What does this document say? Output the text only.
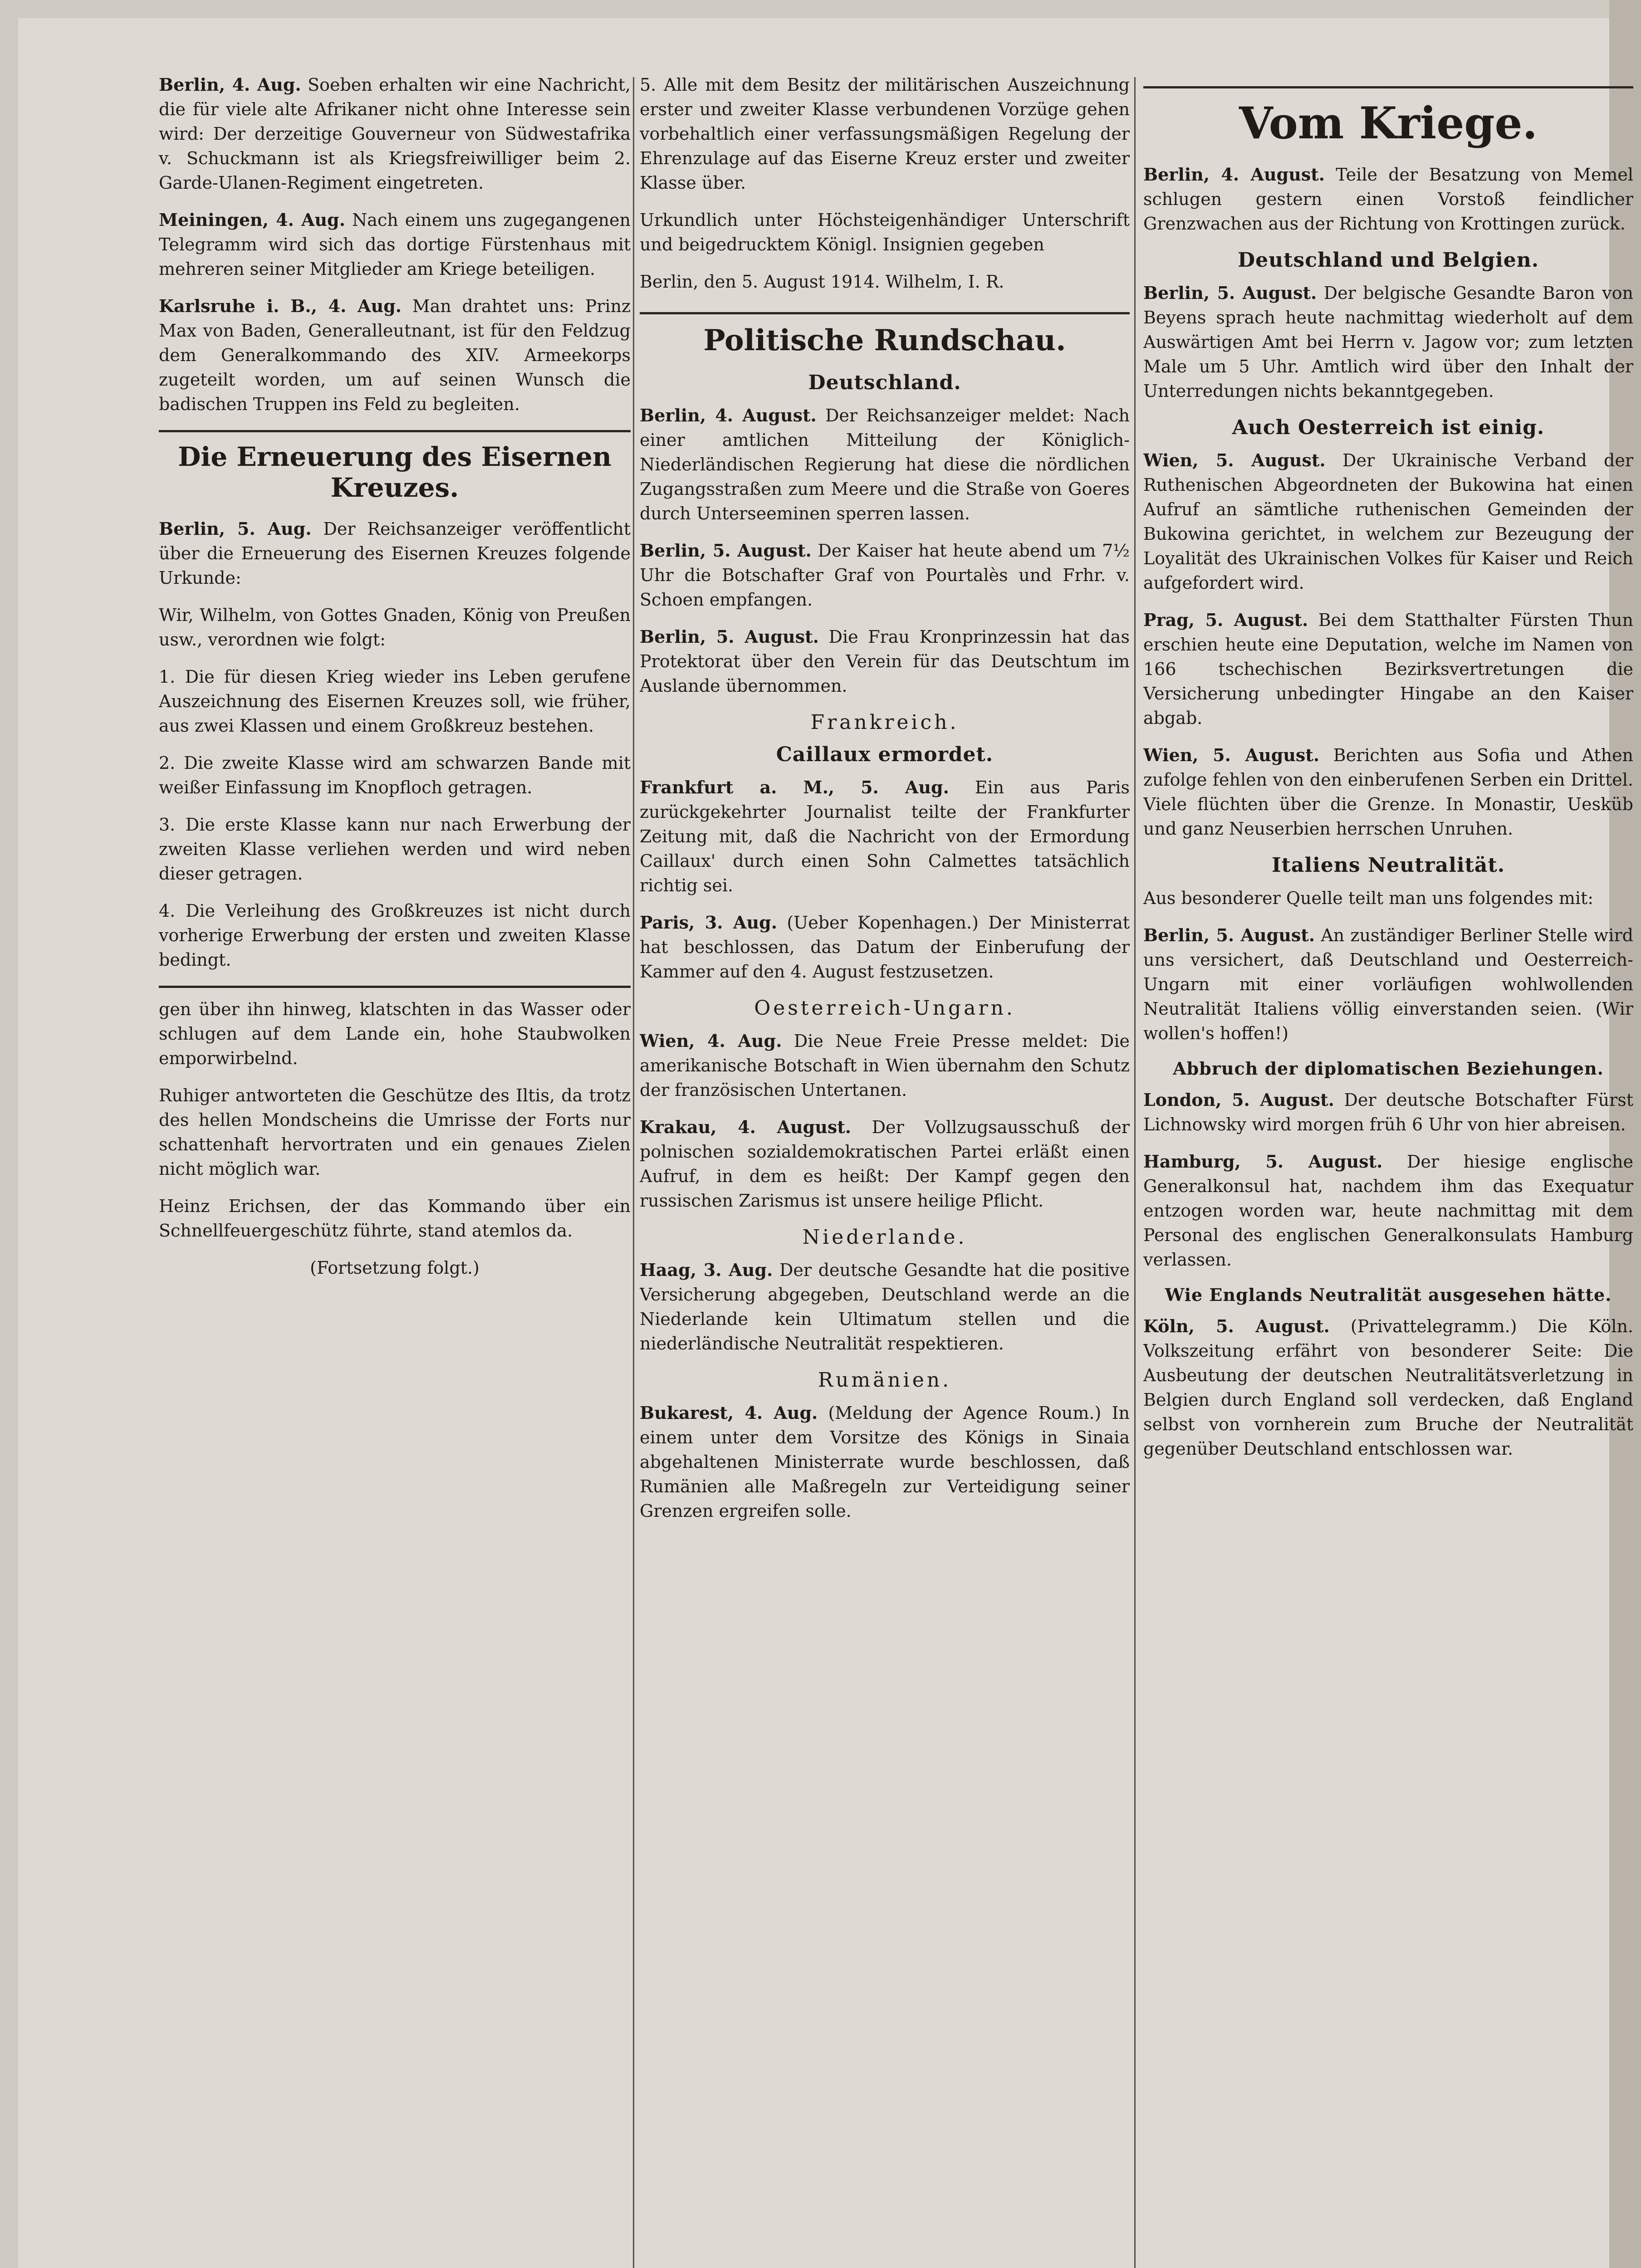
Berlin, 4. Aug. Soeben erhalten wir eine Nachricht, die für viele alte Afrikaner nicht ohne Interesse sein wird: Der derzeitige Gouverneur von Südwestafrika v. Schuckmann ist als Kriegsfreiwilliger beim 2. Garde-Ulanen-Regiment eingetreten.

Meiningen, 4. Aug. Nach einem uns zugegangenen Telegramm wird sich das dortige Fürstenhaus mit mehreren seiner Mitglieder am Kriege beteiligen.

Karlsruhe i. B., 4. Aug. Man drahtet uns: Prinz Max von Baden, Generalleutnant, ist für den Feldzug dem Generalkommando des XIV. Armeekorps zugeteilt worden, um auf seinen Wunsch die badischen Truppen ins Feld zu begleiten.

Die Erneuerung des Eisernen Kreuzes.

Berlin, 5. Aug. Der Reichsanzeiger veröffentlicht über die Erneuerung des Eisernen Kreuzes folgende Urkunde:

Wir, Wilhelm, von Gottes Gnaden, König von Preußen usw., verordnen wie folgt:

1. Die für diesen Krieg wieder ins Leben gerufene Auszeichnung des Eisernen Kreuzes soll, wie früher, aus zwei Klassen und einem Großkreuz bestehen.

2. Die zweite Klasse wird am schwarzen Bande mit weißer Einfassung im Knopfloch getragen.

3. Die erste Klasse kann nur nach Erwerbung der zweiten Klasse verliehen werden und wird neben dieser getragen.

4. Die Verleihung des Großkreuzes ist nicht durch vorherige Erwerbung der ersten und zweiten Klasse bedingt.

gen über ihn hinweg, klatschten in das Wasser oder schlugen auf dem Lande ein, hohe Staubwolken emporwirbelnd.

Ruhiger antworteten die Geschütze des Iltis, da trotz des hellen Mondscheins die Umrisse der Forts nur schattenhaft hervortraten und ein genaues Zielen nicht möglich war.

Heinz Erichsen, der das Kommando über ein Schnellfeuergeschütz führte, stand atemlos da.

(Fortsetzung folgt.)

5. Alle mit dem Besitz der militärischen Auszeichnung erster und zweiter Klasse verbundenen Vorzüge gehen vorbehaltlich einer verfassungsmäßigen Regelung der Ehrenzulage auf das Eiserne Kreuz erster und zweiter Klasse über.

Urkundlich unter Höchsteigenhändiger Unterschrift und beigedrucktem Königl. Insignien gegeben

Berlin, den 5. August 1914. Wilhelm, I. R.
Politische Rundschau.
Deutschland.

Berlin, 4. August. Der Reichsanzeiger meldet: Nach einer amtlichen Mitteilung der Königlich-Niederländischen Regierung hat diese die nördlichen Zugangsstraßen zum Meere und die Straße von Goeres durch Unterseeminen sperren lassen.

Berlin, 5. August. Der Kaiser hat heute abend um 7½ Uhr die Botschafter Graf von Pourtalès und Frhr. v. Schoen empfangen.

Berlin, 5. August. Die Frau Kronprinzessin hat das Protektorat über den Verein für das Deutschtum im Auslande übernommen.

Frankreich.
Caillaux ermordet.

Frankfurt a. M., 5. Aug. Ein aus Paris zurückgekehrter Journalist teilte der Frankfurter Zeitung mit, daß die Nachricht von der Ermordung Caillaux' durch einen Sohn Calmettes tatsächlich richtig sei.

Paris, 3. Aug. (Ueber Kopenhagen.) Der Ministerrat hat beschlossen, das Datum der Einberufung der Kammer auf den 4. August festzusetzen.

Oesterreich-Ungarn.

Wien, 4. Aug. Die Neue Freie Presse meldet: Die amerikanische Botschaft in Wien übernahm den Schutz der französischen Untertanen.

Krakau, 4. August. Der Vollzugsausschuß der polnischen sozialdemokratischen Partei erläßt einen Aufruf, in dem es heißt: Der Kampf gegen den russischen Zarismus ist unsere heilige Pflicht.

Niederlande.

Haag, 3. Aug. Der deutsche Gesandte hat die positive Versicherung abgegeben, Deutschland werde an die Niederlande kein Ultimatum stellen und die niederländische Neutralität respektieren.

Rumänien.

Bukarest, 4. Aug. (Meldung der Agence Roum.) In einem unter dem Vorsitze des Königs in Sinaia abgehaltenen Ministerrate wurde beschlossen, daß Rumänien alle Maßregeln zur Verteidigung seiner Grenzen ergreifen solle.

Vom Kriege.

Berlin, 4. August. Teile der Besatzung von Memel schlugen gestern einen Vorstoß feindlicher Grenzwachen aus der Richtung von Krottingen zurück.

Deutschland und Belgien.

Berlin, 5. August. Der belgische Gesandte Baron von Beyens sprach heute nachmittag wiederholt auf dem Auswärtigen Amt bei Herrn v. Jagow vor; zum letzten Male um 5 Uhr. Amtlich wird über den Inhalt der Unterredungen nichts bekanntgegeben.

Auch Oesterreich ist einig.

Wien, 5. August. Der Ukrainische Verband der Ruthenischen Abgeordneten der Bukowina hat einen Aufruf an sämtliche ruthenischen Gemeinden der Bukowina gerichtet, in welchem zur Bezeugung der Loyalität des Ukrainischen Volkes für Kaiser und Reich aufgefordert wird.

Prag, 5. August. Bei dem Statthalter Fürsten Thun erschien heute eine Deputation, welche im Namen von 166 tschechischen Bezirksvertretungen die Versicherung unbedingter Hingabe an den Kaiser abgab.

Wien, 5. August. Berichten aus Sofia und Athen zufolge fehlen von den einberufenen Serben ein Drittel. Viele flüchten über die Grenze. In Monastir, Uesküb und ganz Neuserbien herrschen Unruhen.

Italiens Neutralität.

Aus besonderer Quelle teilt man uns folgendes mit:

Berlin, 5. August. An zuständiger Berliner Stelle wird uns versichert, daß Deutschland und Oesterreich-Ungarn mit einer vorläufigen wohlwollenden Neutralität Italiens völlig einverstanden seien. (Wir wollen's hoffen!)

Abbruch der diplomatischen Beziehungen.

London, 5. August. Der deutsche Botschafter Fürst Lichnowsky wird morgen früh 6 Uhr von hier abreisen.

Hamburg, 5. August. Der hiesige englische Generalkonsul hat, nachdem ihm das Exequatur entzogen worden war, heute nachmittag mit dem Personal des englischen Generalkonsulats Hamburg verlassen.

Wie Englands Neutralität ausgesehen hätte.

Köln, 5. August. (Privattelegramm.) Die Köln. Volkszeitung erfährt von besonderer Seite: Die Ausbeutung der deutschen Neutralitätsverletzung in Belgien durch England soll verdecken, daß England selbst von vornherein zum Bruche der Neutralität gegenüber Deutschland entschlossen war.
